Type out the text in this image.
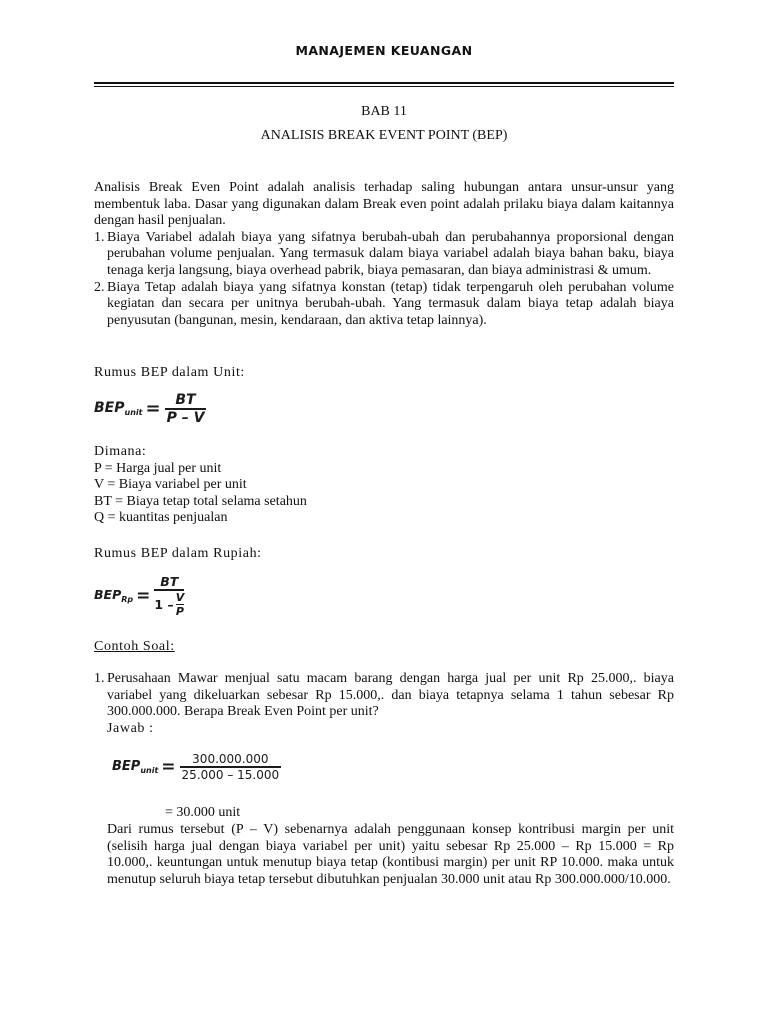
MANAJEMEN KEUANGAN
BAB 11
ANALISIS BREAK EVENT POINT (BEP)

Analisis Break Even Point adalah analisis terhadap saling hubungan antara unsur-unsur yang membentuk laba. Dasar yang digunakan dalam Break even point adalah prilaku biaya dalam kaitannya dengan hasil penjualan.

1. Biaya Variabel adalah biaya yang sifatnya berubah-ubah dan perubahannya proporsional dengan perubahan volume penjualan. Yang termasuk dalam biaya variabel adalah biaya bahan baku, biaya tenaga kerja langsung, biaya overhead pabrik, biaya pemasaran, dan biaya administrasi & umum.
2. Biaya Tetap adalah biaya yang sifatnya konstan (tetap) tidak terpengaruh oleh perubahan volume kegiatan dan secara per unitnya berubah-ubah. Yang termasuk dalam biaya tetap adalah biaya penyusutan (bangunan, mesin, kendaraan, dan aktiva tetap lainnya).
Rumus BEP dalam Unit:
$BEP_{unit} = \frac{BT}{P - V}$

Dimana:

P = Harga jual per unit

V = Biaya variabel per unit

BT = Biaya tetap total selama setahun

Q = kuantitas penjualan

Rumus BEP dalam Rupiah:
$BEP_{Rp} = \frac{BT}{1 - \frac{V}{P}}$
Contoh Soal:
1. Perusahaan Mawar menjual satu macam barang dengan harga jual per unit Rp 25.000,. biaya variabel yang dikeluarkan sebesar Rp 15.000,. dan biaya tetapnya selama 1 tahun sebesar Rp 300.000.000. Berapa Break Even Point per unit?

Jawab :

$BEP_{unit} = \frac{300.000.000}{25.000 - 15.000}$
= 30.000 unit

Dari rumus tersebut (P – V) sebenarnya adalah penggunaan konsep kontribusi margin per unit (selisih harga jual dengan biaya variabel per unit) yaitu sebesar Rp 25.000 – Rp 15.000 = Rp 10.000,. keuntungan untuk menutup biaya tetap (kontibusi margin) per unit RP 10.000. maka untuk menutup seluruh biaya tetap tersebut dibutuhkan penjualan 30.000 unit atau Rp 300.000.000/10.000.
